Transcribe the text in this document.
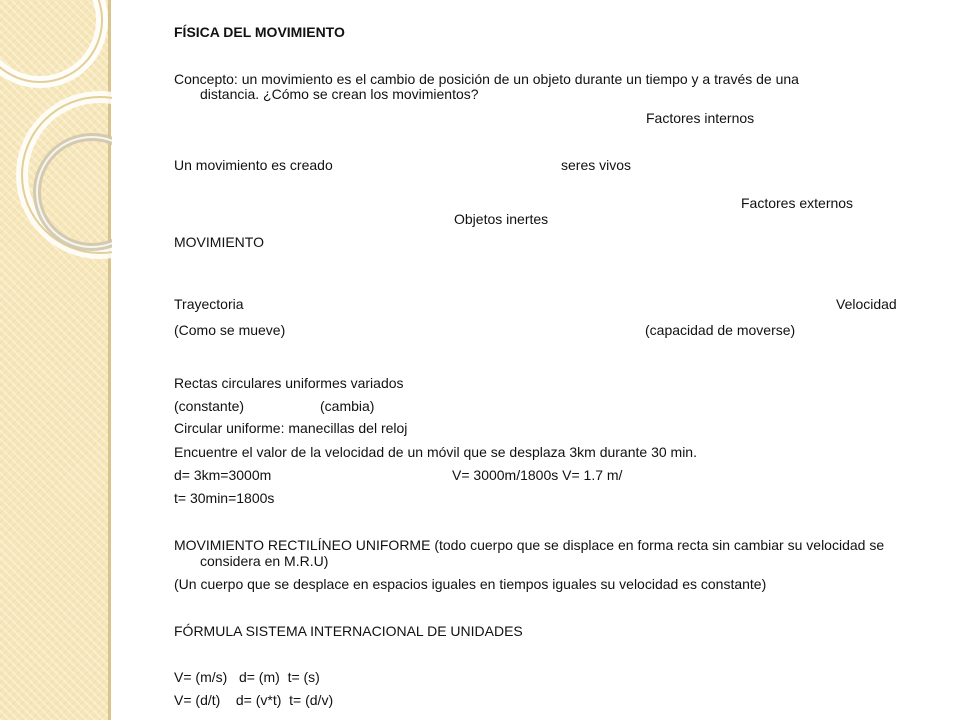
FÍSICA DEL MOVIMIENTO

Concepto: un movimiento es el cambio de posición de un objeto durante un tiempo y a través de una

distancia. ¿Cómo se crean los movimientos?

Factores internos

Un movimiento es creado	seres vivos

Factores externos

Objetos inertes

MOVIMIENTO

Trayectoria	Velocidad

(Como se mueve)	(capacidad de moverse)

Rectas circulares uniformes variados

(constante)	(cambia)

Circular uniforme: manecillas del reloj

Encuentre el valor de la velocidad de un móvil que se desplaza 3km durante 30 min.

d= 3km=3000m	V= 3000m/1800s V= 1.7 m/

t= 30min=1800s

MOVIMIENTO RECTILÍNEO UNIFORME (todo cuerpo que se displace en forma recta sin cambiar su velocidad se

considera en M.R.U)

(Un cuerpo que se desplace en espacios iguales en tiempos iguales su velocidad es constante)

FÓRMULA SISTEMA INTERNACIONAL DE UNIDADES

V= (m/s)   d= (m)  t= (s)

V= (d/t)    d= (v*t)  t= (d/v)
